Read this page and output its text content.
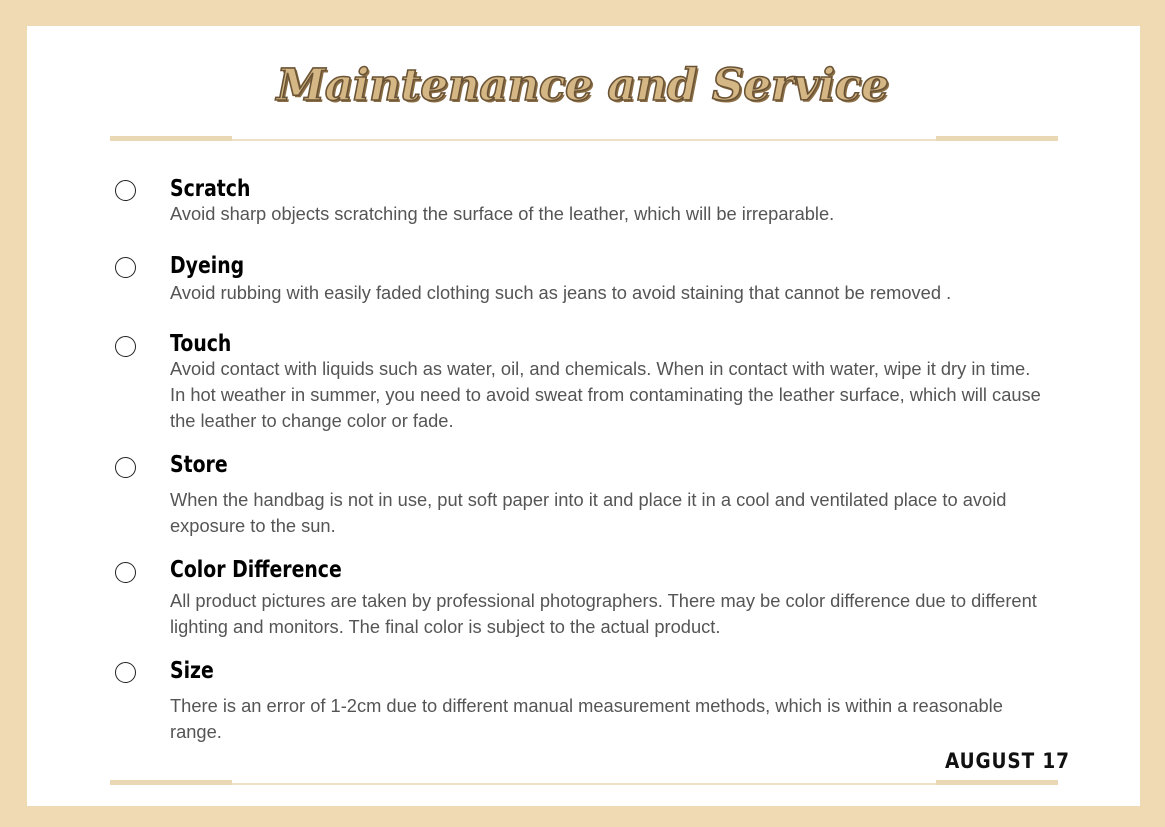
Maintenance and Service
Scratch
Avoid sharp objects scratching the surface of the leather, which will be irreparable.
Dyeing
Avoid rubbing with easily faded clothing such as jeans to avoid staining that cannot be removed .
Touch
Avoid contact with liquids such as water, oil, and chemicals. When in contact with water, wipe it dry in time. In hot weather in summer, you need to avoid sweat from contaminating the leather surface, which will cause the leather to change color or fade.
Store
When the handbag is not in use, put soft paper into it and place it in a cool and ventilated place to avoid exposure to the sun.
Color Difference
All product pictures are taken by professional photographers. There may be color difference due to different lighting and monitors. The final color is subject to the actual product.
Size
There is an error of 1-2cm due to different manual measurement methods, which is within a reasonable range.
AUGUST 17
